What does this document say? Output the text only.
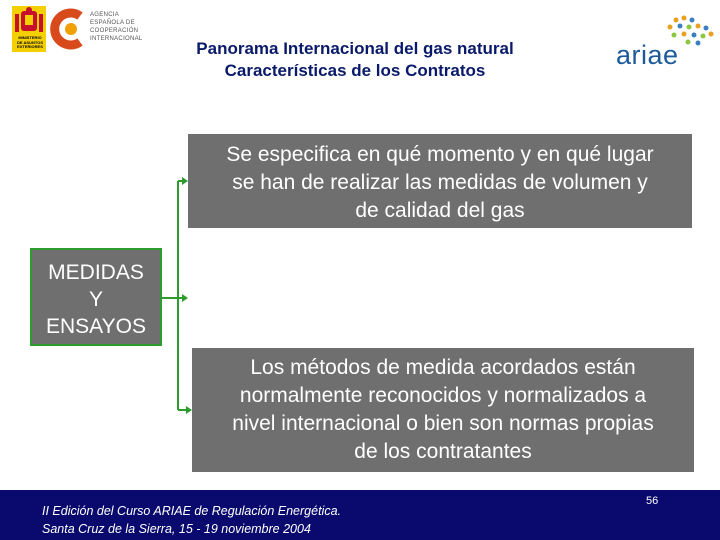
MINISTERIO
DE ASUNTOS
EXTERIORES
AGENCIA
ESPAÑOLA DE
COOPERACIÓN
INTERNACIONAL	Panorama Internacional del gas natural
Características de los Contratos
ariae
Se especifica en qué momento y en qué lugar
se han de realizar las medidas de volumen y
de calidad del gas
MEDIDAS
Y
ENSAYOS
Los métodos de medida acordados están
normalmente reconocidos y normalizados a
nivel internacional o bien son normas propias
de los contratantes
II Edición del Curso ARIAE de Regulación Energética.
Santa Cruz de la Sierra, 15 - 19 noviembre 2004
56
